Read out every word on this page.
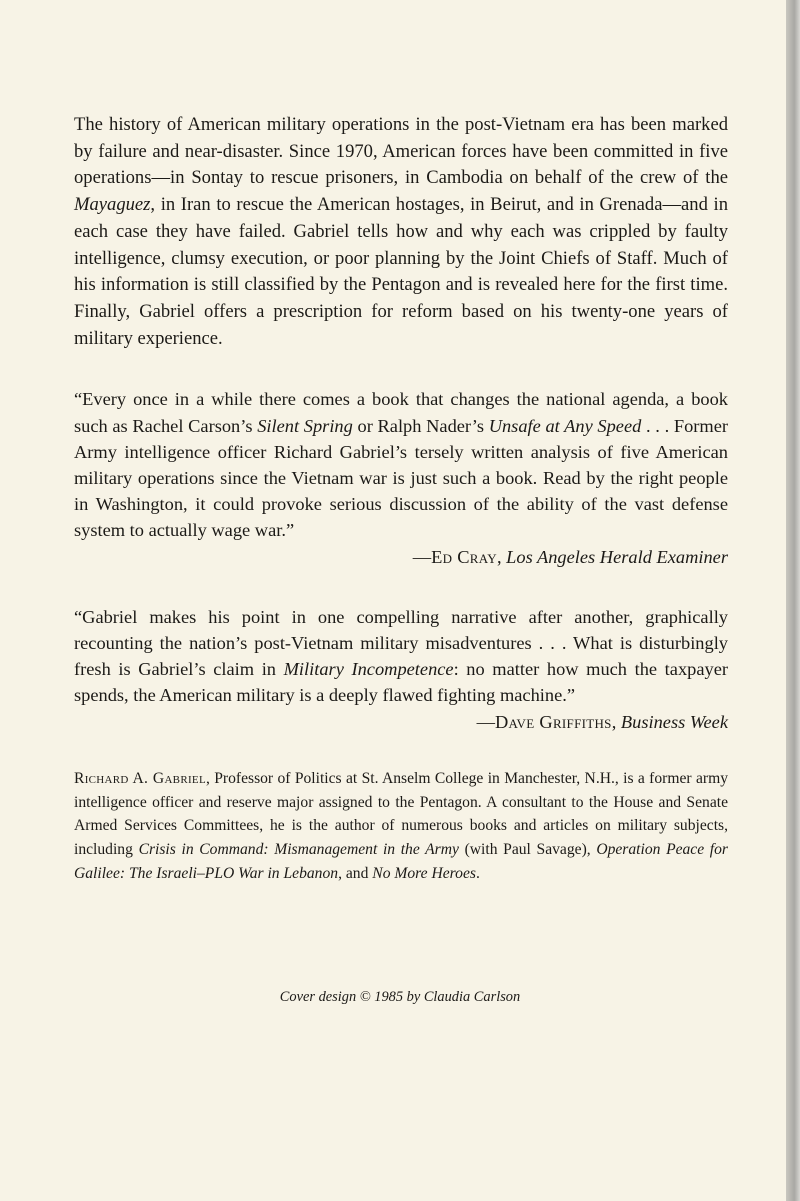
The history of American military operations in the post-Vietnam era has been marked by failure and near-disaster. Since 1970, American forces have been committed in five operations—in Sontay to rescue prisoners, in Cambodia on behalf of the crew of the Mayaguez, in Iran to rescue the American hostages, in Beirut, and in Grenada—and in each case they have failed. Gabriel tells how and why each was crippled by faulty intelligence, clumsy execution, or poor planning by the Joint Chiefs of Staff. Much of his information is still classified by the Pentagon and is revealed here for the first time. Finally, Gabriel offers a prescription for reform based on his twenty-one years of military experience.

“Every once in a while there comes a book that changes the national agenda, a book such as Rachel Carson’s Silent Spring or Ralph Nader’s Unsafe at Any Speed . . . Former Army intelligence officer Richard Gabriel’s tersely written analysis of five American military operations since the Vietnam war is just such a book. Read by the right people in Washington, it could provoke serious discussion of the ability of the vast defense system to actually wage war.”

—Ed Cray, Los Angeles Herald Examiner

“Gabriel makes his point in one compelling narrative after another, graphically recounting the nation’s post-Vietnam military misadventures . . . What is disturbingly fresh is Gabriel’s claim in Military Incompetence: no matter how much the taxpayer spends, the American military is a deeply flawed fighting machine.”
—Dave Griffiths, Business Week

Richard A. Gabriel, Professor of Politics at St. Anselm College in Manchester, N.H., is a former army intelligence officer and reserve major assigned to the Pentagon. A consultant to the House and Senate Armed Services Committees, he is the author of numerous books and articles on military subjects, including Crisis in Command: Mismanagement in the Army (with Paul Savage), Operation Peace for Galilee: The Israeli–PLO War in Lebanon, and No More Heroes.

Cover design © 1985 by Claudia Carlson
